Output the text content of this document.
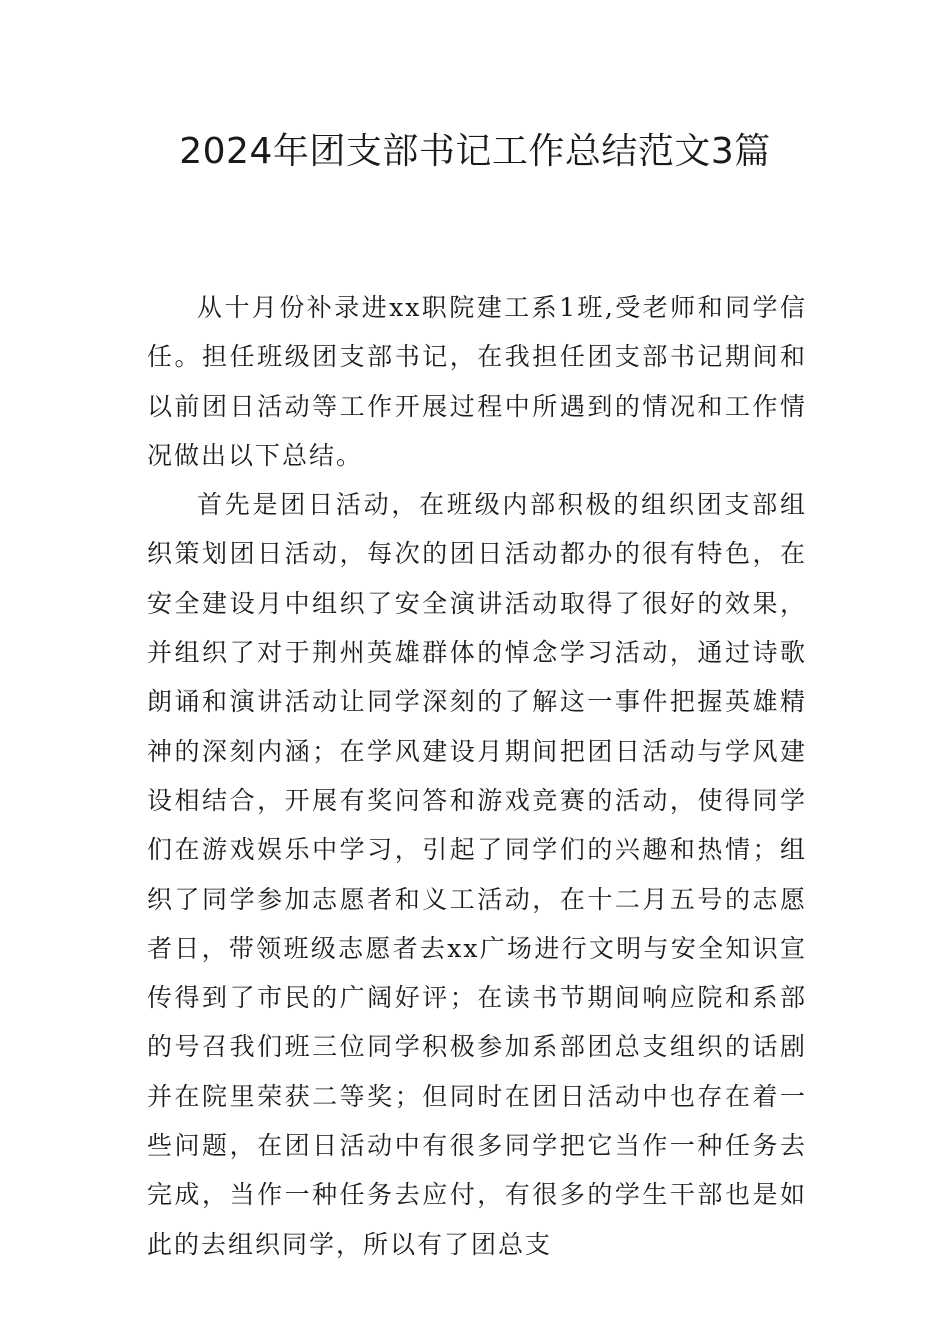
2024年团支部书记工作总结范文3篇

从十月份补录进xx职院建工系1班,受老师和同学信任。担任班级团支部书记，在我担任团支部书记期间和以前团日活动等工作开展过程中所遇到的情况和工作情况做出以下总结。

首先是团日活动，在班级内部积极的组织团支部组织策划团日活动，每次的团日活动都办的很有特色，在安全建设月中组织了安全演讲活动取得了很好的效果，并组织了对于荆州英雄群体的悼念学习活动，通过诗歌朗诵和演讲活动让同学深刻的了解这一事件把握英雄精神的深刻内涵；在学风建设月期间把团日活动与学风建设相结合，开展有奖问答和游戏竞赛的活动，使得同学们在游戏娱乐中学习，引起了同学们的兴趣和热情；组织了同学参加志愿者和义工活动，在十二月五号的志愿者日，带领班级志愿者去xx广场进行文明与安全知识宣传得到了市民的广阔好评；在读书节期间响应院和系部的号召我们班三位同学积极参加系部团总支组织的话剧并在院里荣获二等奖；但同时在团日活动中也存在着一些问题，在团日活动中有很多同学把它当作一种任务去完成，当作一种任务去应付，有很多的学生干部也是如此的去组织同学，所以有了团总支
